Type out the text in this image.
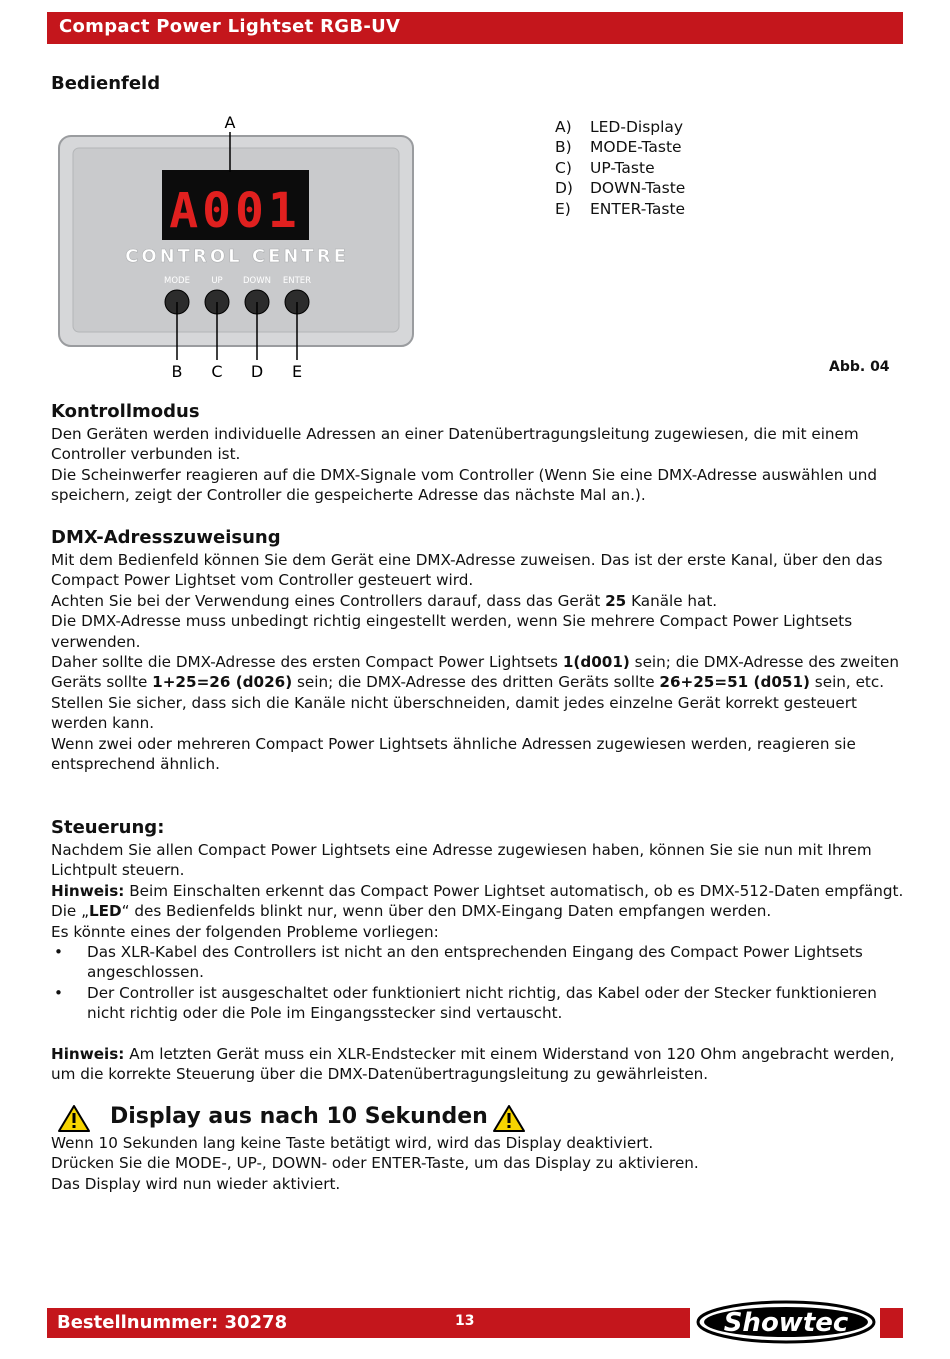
Compact Power Lightset RGB-UV
Bedienfeld
A001
CONTROL CENTRE
MODE	UP DOWN ENTER
A
B C D E
A)	LED-Display
B)	MODE-Taste
C)	UP-Taste
D)	DOWN-Taste
E)	ENTER-Taste
Abb. 04
Kontrollmodus
Den Geräten werden individuelle Adressen an einer Datenübertragungsleitung zugewiesen, die mit einem Controller verbunden ist.
Die Scheinwerfer reagieren auf die DMX-Signale vom Controller (Wenn Sie eine DMX-Adresse auswählen und speichern, zeigt der Controller die gespeicherte Adresse das nächste Mal an.).
DMX-Adresszuweisung
Mit dem Bedienfeld können Sie dem Gerät eine DMX-Adresse zuweisen. Das ist der erste Kanal, über den das Compact Power Lightset vom Controller gesteuert wird.
Achten Sie bei der Verwendung eines Controllers darauf, dass das Gerät 25 Kanäle hat.
Die DMX-Adresse muss unbedingt richtig eingestellt werden, wenn Sie mehrere Compact Power Lightsets verwenden.
Daher sollte die DMX-Adresse des ersten Compact Power Lightsets 1(d001) sein; die DMX-Adresse des zweiten Geräts sollte 1+25=26 (d026) sein; die DMX-Adresse des dritten Geräts sollte 26+25=51 (d051) sein, etc.
Stellen Sie sicher, dass sich die Kanäle nicht überschneiden, damit jedes einzelne Gerät korrekt gesteuert werden kann.
Wenn zwei oder mehreren Compact Power Lightsets ähnliche Adressen zugewiesen werden, reagieren sie entsprechend ähnlich.
Steuerung:
Nachdem Sie allen Compact Power Lightsets eine Adresse zugewiesen haben, können Sie sie nun mit Ihrem Lichtpult steuern.
Hinweis: Beim Einschalten erkennt das Compact Power Lightset automatisch, ob es DMX-512-Daten empfängt. Die „LED“ des Bedienfelds blinkt nur, wenn über den DMX-Eingang Daten empfangen werden.
Es könnte eines der folgenden Probleme vorliegen:
• Das XLR-Kabel des Controllers ist nicht an den entsprechenden Eingang des Compact Power Lightsets angeschlossen.
• Der Controller ist ausgeschaltet oder funktioniert nicht richtig, das Kabel oder der Stecker funktionieren nicht richtig oder die Pole im Eingangsstecker sind vertauscht.
Hinweis: Am letzten Gerät muss ein XLR-Endstecker mit einem Widerstand von 120 Ohm angebracht werden, um die korrekte Steuerung über die DMX-Datenübertragungsleitung zu gewährleisten.
Display aus nach 10 Sekunden
Wenn 10 Sekunden lang keine Taste betätigt wird, wird das Display deaktiviert.
Drücken Sie die MODE-, UP-, DOWN- oder ENTER-Taste, um das Display zu aktivieren.
Das Display wird nun wieder aktiviert.
Bestellnummer: 30278	13	Showtec
